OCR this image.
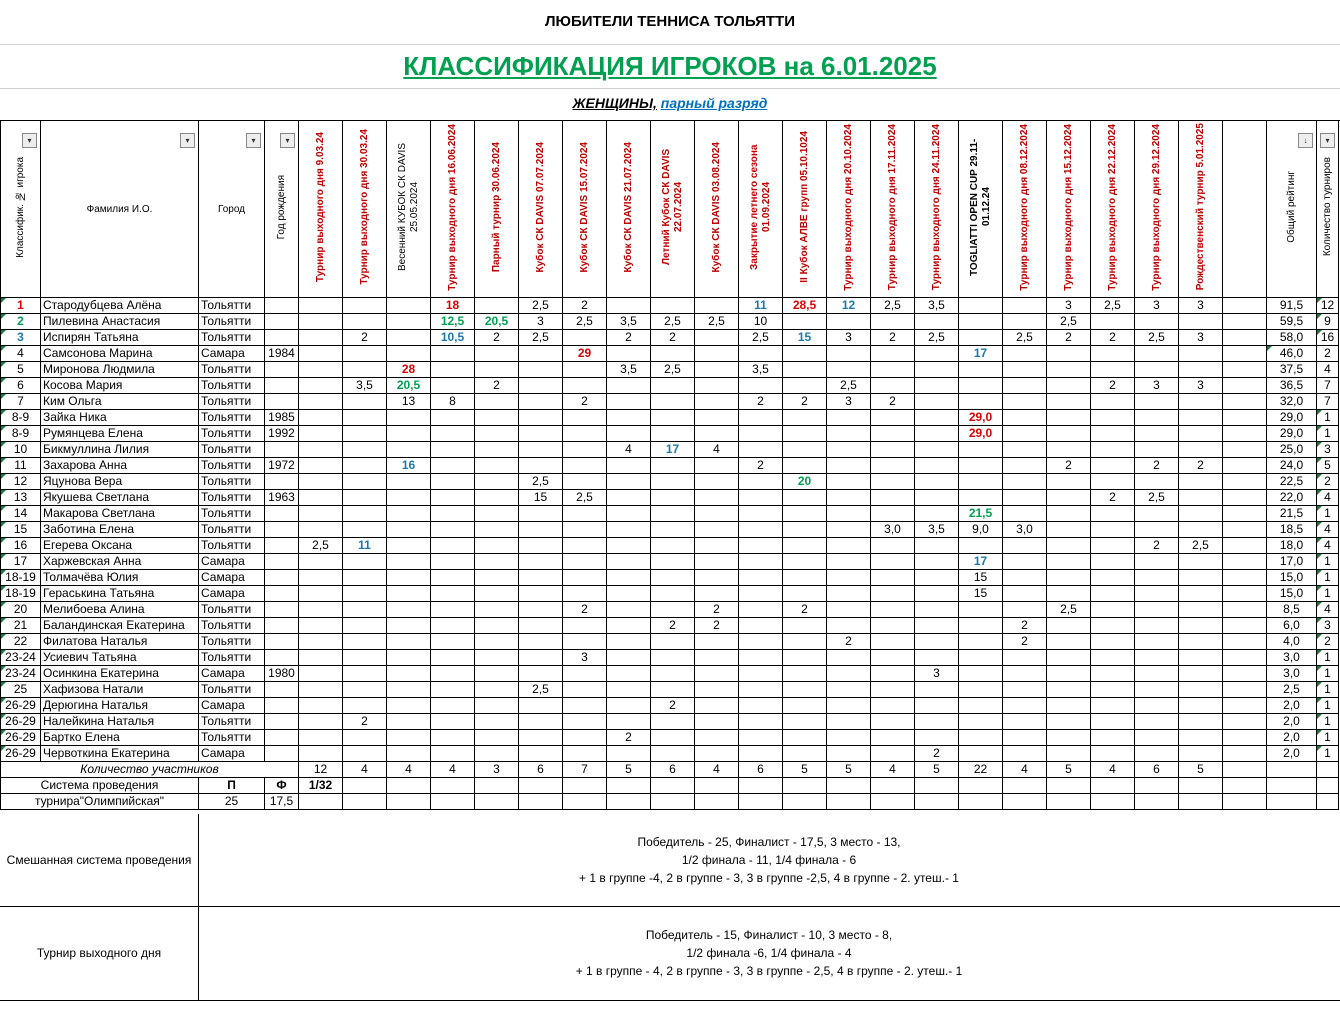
ЛЮБИТЕЛИ ТЕННИСА ТОЛЬЯТТИ
КЛАССИФИКАЦИЯ ИГРОКОВ на 6.01.2025
ЖЕНЩИНЫ, парный разряд
Классифик. № игрока
▾	Фамилия И.О.
▾	Город
▾	Год рождения
▾	Турнир выходного дня 9.03.24	Турнир выходного дня 30.03.24	Весенний КУБОК СК DAVIS 25.05.2024	Турнир выходного дня 16.06.2024	Парный турнир 30.06.2024	Кубок СК DAVIS 07.07.2024	Кубок СК DAVIS 15.07.2024	Кубок СК DAVIS 21.07.2024	Летний Кубок СК DAVIS 22.07.2024	Кубок СК DAVIS 03.08.2024	Закрытие летнего сезона 01.09.2024	II Кубок АЛВЕ групп 05.10.1024	Турнир выходного дня 20.10.2024	Турнир выходного дня 17.11.2024	Турнир выходного дня 24.11.2024	TOGLIATTI OPEN CUP 29.11-01.12.24	Турнир выходного дня 08.12.2024	Турнир выходного дня 15.12.2024	Турнир выходного дня 22.12.2024	Турнир выходного дня 29.12.2024	Рождественский турнир 5.01.2025		Общий рейтинг
↓	Количество турниров
▾

1	Стародубцева Алёна	Тольятти					18		2,5	2				11	28,5	12	2,5	3,5			3	2,5	3	3		91,5	12

2	Пилевина Анастасия	Тольятти					12,5	20,5	3	2,5	3,5	2,5	2,5	10							2,5					59,5	9

3	Испирян Татьяна	Тольятти			2		10,5	2	2,5		2	2		2,5	15	3	2	2,5		2,5	2	2	2,5	3		58,0	16

4	Самсонова Марина	Самара	1984							29									17							46,0	2
5	Миронова Людмила	Тольятти				28					3,5	2,5		3,5												37,5	4
6	Косова Мария	Тольятти			3,5	20,5		2								2,5						2	3	3		36,5	7
7	Ким Ольга	Тольятти				13	8			2				2	2	3	2									32,0	7
8-9	Зайка Ника	Тольятти	1985																29,0							29,0	1

8-9	Румянцева Елена	Тольятти	1992																29,0							29,0	1

10	Бикмуллина Лилия	Тольятти									4	17	4													25,0	3

11	Захарова Анна	Тольятти	1972			16								2							2		2	2		24,0	5

12	Яцунова Вера	Тольятти							2,5						20											22,5	2

13	Якушева Светлана	Тольятти	1963						15	2,5												2	2,5			22,0	4

14	Макарова Светлана	Тольятти																	21,5							21,5	1

15	Заботина Елена	Тольятти															3,0	3,5	9,0	3,0						18,5	4

16	Егерева Оксана	Тольятти		2,5	11																		2	2,5		18,0	4

17	Харжевская Анна	Самара																	17							17,0	1

18-19	Толмачёва Юлия	Самара																	15							15,0	1

18-19	Гераськина Татьяна	Самара																	15							15,0	1

20	Мелибоева Алина	Тольятти								2			2		2						2,5					8,5	4

21	Баландинская Екатерина	Тольятти										2	2							2						6,0	3

22	Филатова Наталья	Тольятти														2				2						4,0	2

23-24	Усиевич Татьяна	Тольятти								3																3,0	1

23-24	Осинкина Екатерина	Самара	1980															3								3,0	1

25	Хафизова Натали	Тольятти							2,5																	2,5	1

26-29	Дерюгина Наталья	Самара										2														2,0	1

26-29	Налейкина Наталья	Тольятти			2																					2,0	1

26-29	Бартко Елена	Тольятти									2															2,0	1

26-29	Червоткина Екатерина	Самара																2								2,0	1

Количество участников				12	4	4	4	3	6	7	5	6	4	6	5	5	4	5	22	4	5	4	6	5			
Система проведения		П	Ф	1/32																							
турнира"Олимпийская"		25	17,5																								
Смешанная система проведения
Победитель - 25, Финалист - 17,5, 3 место - 13,
1/2 финала - 11, 1/4 финала - 6
+ 1 в группе -4, 2 в группе - 3, 3 в группе -2,5, 4 в группе - 2. утеш.- 1
Турнир выходного дня
Победитель - 15, Финалист - 10, 3 место - 8,
1/2 финала -6, 1/4 финала - 4
+ 1 в группе - 4, 2 в группе - 3, 3 в группе - 2,5, 4 в группе - 2. утеш.- 1
